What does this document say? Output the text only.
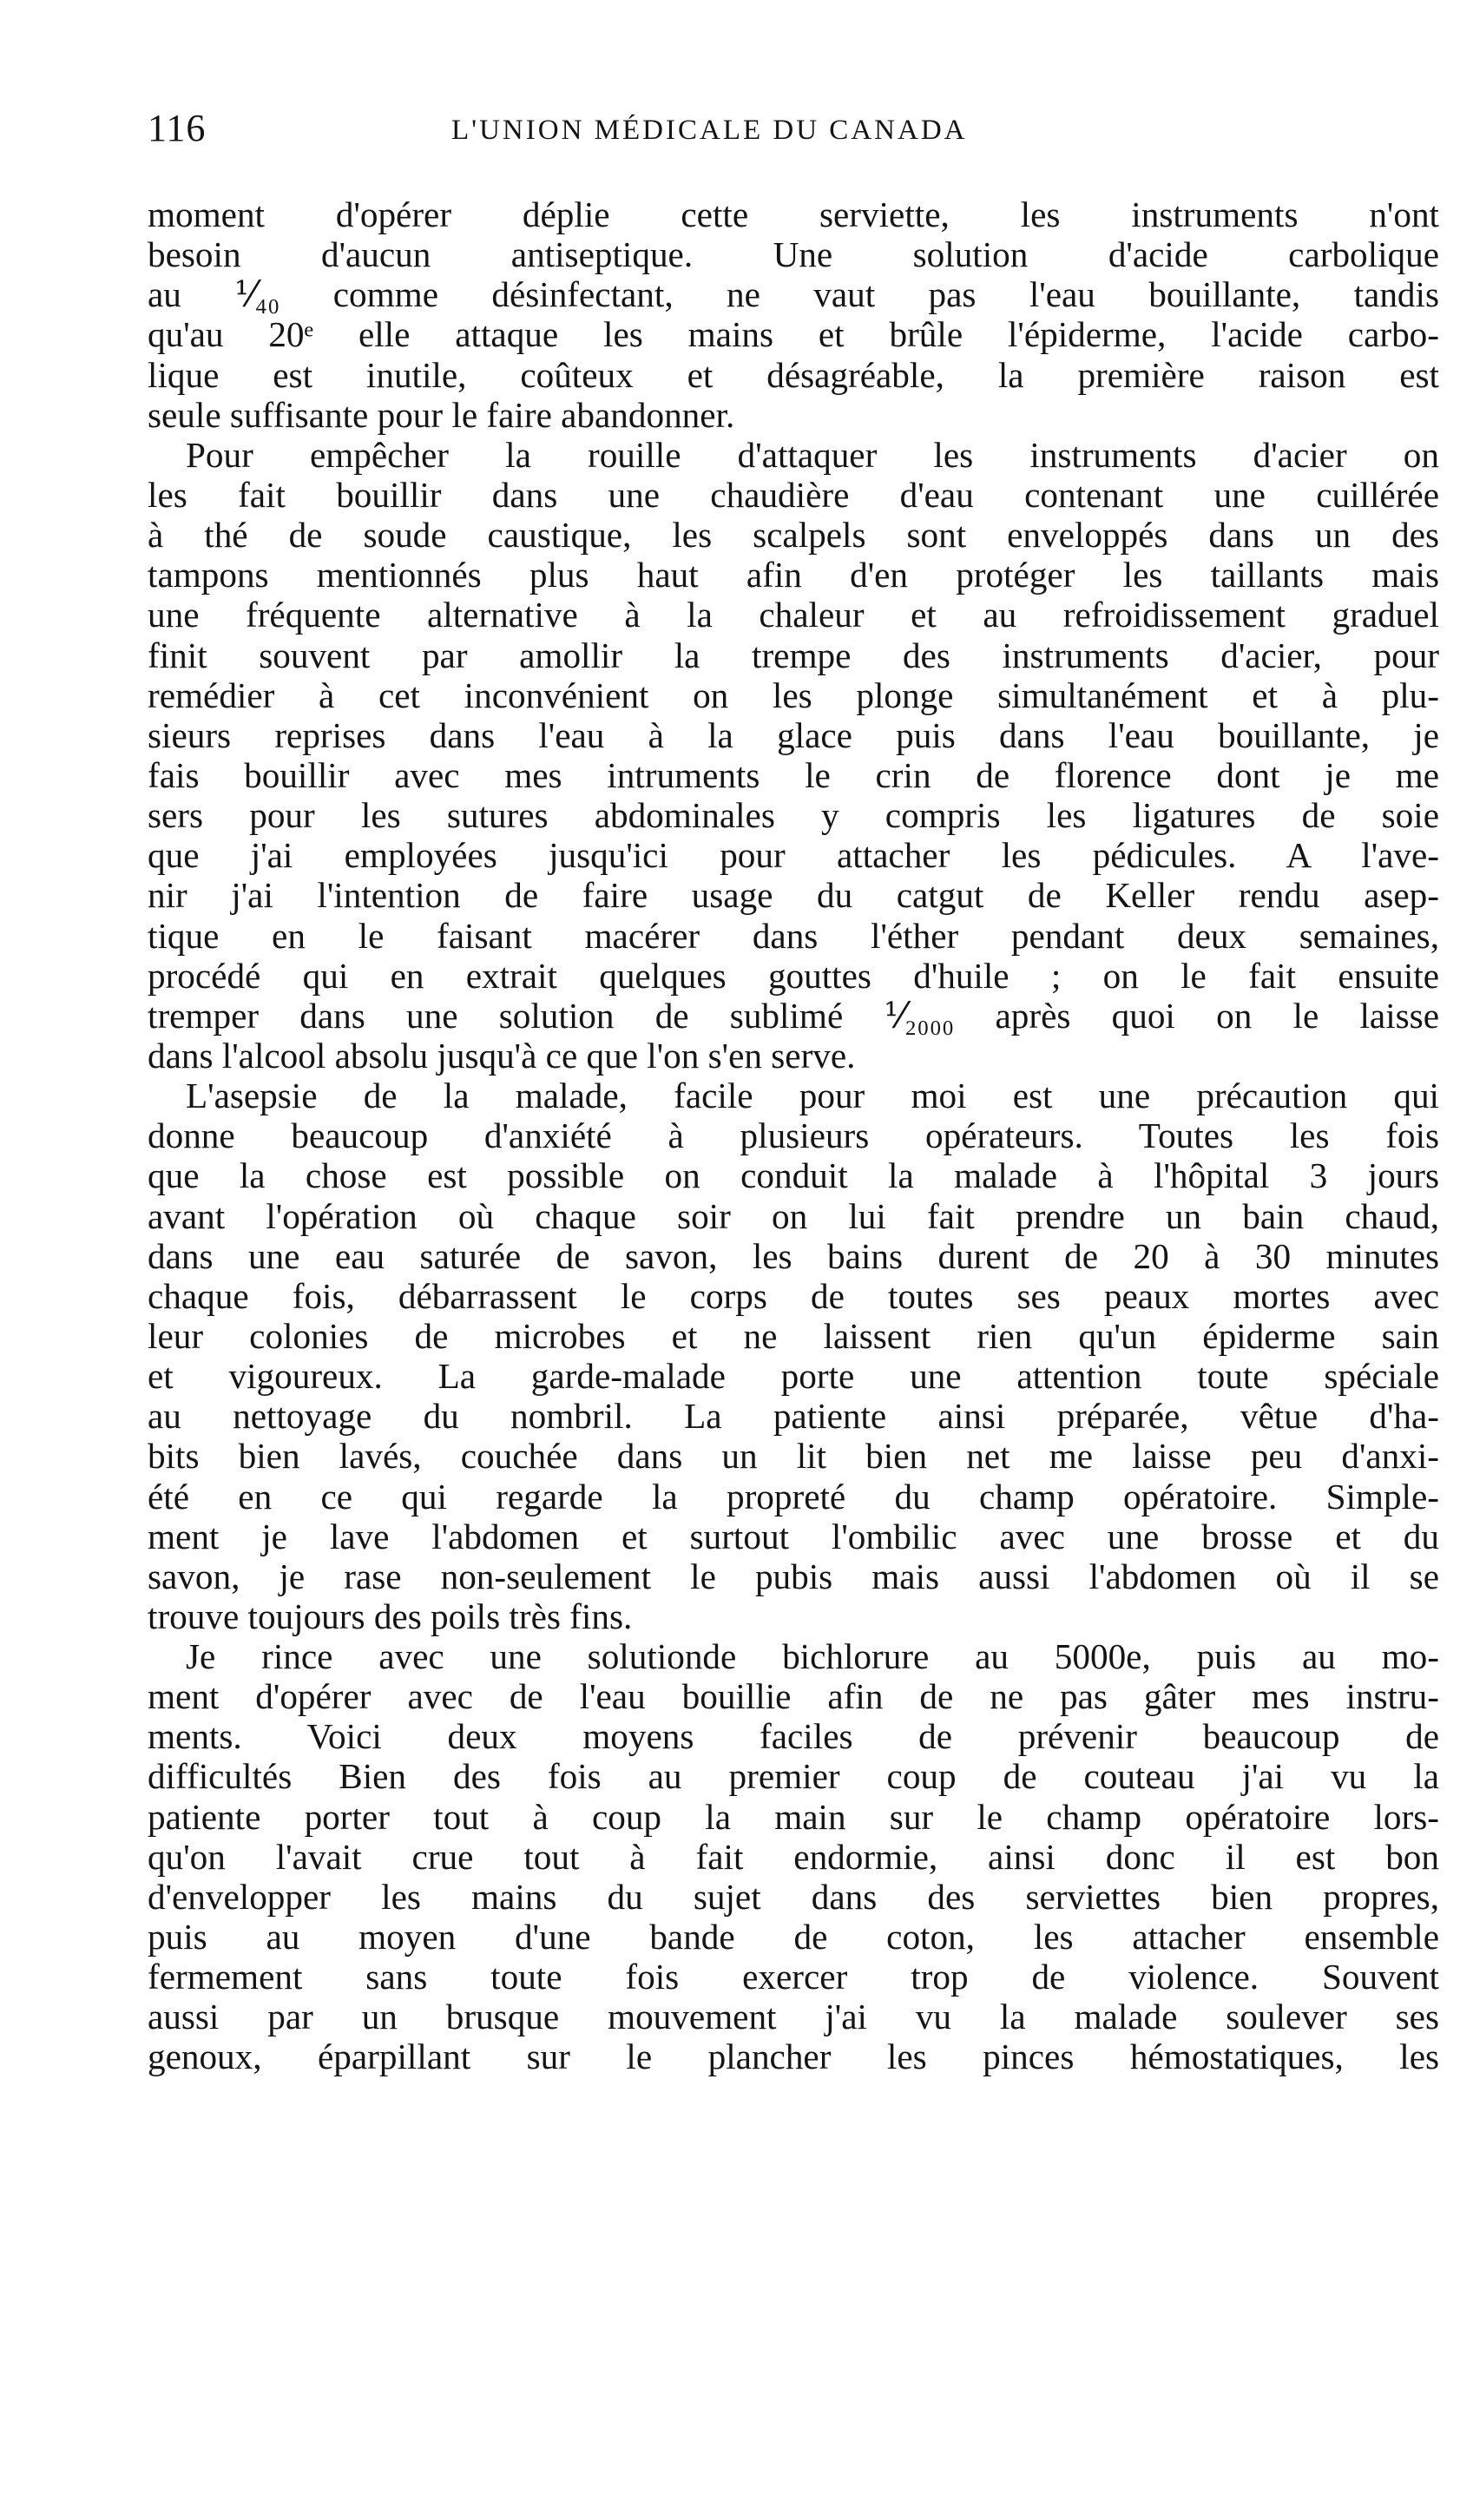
116	L'UNION MÉDICALE DU CANADA
moment d'opérer déplie cette serviette, les instruments n'ont
besoin d'aucun antiseptique. Une solution d'acide carbolique
au ⅟₄₀ comme désinfectant, ne vaut pas l'eau bouillante, tandis
qu'au 20ᵉ elle attaque les mains et brûle l'épiderme, l'acide carbo-
lique est inutile, coûteux et désagréable, la première raison est
seule suffisante pour le faire abandonner.
Pour empêcher la rouille d'attaquer les instruments d'acier on
les fait bouillir dans une chaudière d'eau contenant une cuillérée
à thé de soude caustique, les scalpels sont enveloppés dans un des
tampons mentionnés plus haut afin d'en protéger les taillants mais
une fréquente alternative à la chaleur et au refroidissement graduel
finit souvent par amollir la trempe des instruments d'acier, pour
remédier à cet inconvénient on les plonge simultanément et à plu-
sieurs reprises dans l'eau à la glace puis dans l'eau bouillante, je
fais bouillir avec mes intruments le crin de florence dont je me
sers pour les sutures abdominales y compris les ligatures de soie
que j'ai employées jusqu'ici pour attacher les pédicules. A l'ave-
nir j'ai l'intention de faire usage du catgut de Keller rendu asep-
tique en le faisant macérer dans l'éther pendant deux semaines,
procédé qui en extrait quelques gouttes d'huile ; on le fait ensuite
tremper dans une solution de sublimé ⅟₂₀₀₀ après quoi on le laisse
dans l'alcool absolu jusqu'à ce que l'on s'en serve.
L'asepsie de la malade, facile pour moi est une précaution qui
donne beaucoup d'anxiété à plusieurs opérateurs. Toutes les fois
que la chose est possible on conduit la malade à l'hôpital 3 jours
avant l'opération où chaque soir on lui fait prendre un bain chaud,
dans une eau saturée de savon, les bains durent de 20 à 30 minutes
chaque fois, débarrassent le corps de toutes ses peaux mortes avec
leur colonies de microbes et ne laissent rien qu'un épiderme sain
et vigoureux. La garde-malade porte une attention toute spéciale
au nettoyage du nombril. La patiente ainsi préparée, vêtue d'ha-
bits bien lavés, couchée dans un lit bien net me laisse peu d'anxi-
été en ce qui regarde la propreté du champ opératoire. Simple-
ment je lave l'abdomen et surtout l'ombilic avec une brosse et du
savon, je rase non-seulement le pubis mais aussi l'abdomen où il se
trouve toujours des poils très fins.
Je rince avec une solutionde bichlorure au 5000e, puis au mo-
ment d'opérer avec de l'eau bouillie afin de ne pas gâter mes instru-
ments. Voici deux moyens faciles de prévenir beaucoup de
difficultés Bien des fois au premier coup de couteau j'ai vu la
patiente porter tout à coup la main sur le champ opératoire lors-
qu'on l'avait crue tout à fait endormie, ainsi donc il est bon
d'envelopper les mains du sujet dans des serviettes bien propres,
puis au moyen d'une bande de coton, les attacher ensemble
fermement sans toute fois exercer trop de violence. Souvent
aussi par un brusque mouvement j'ai vu la malade soulever ses
genoux, éparpillant sur le plancher les pinces hémostatiques, les
